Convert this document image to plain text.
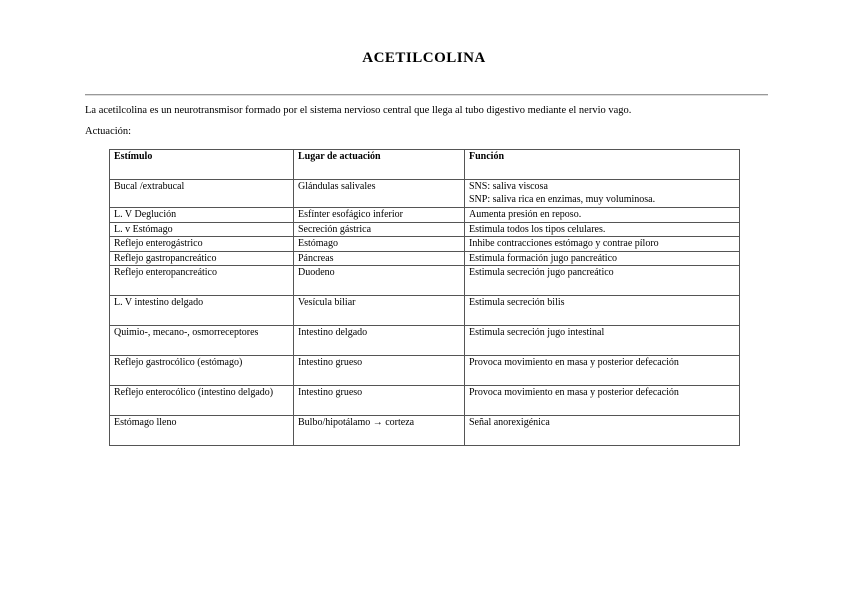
ACETILCOLINA
La acetilcolina es un neurotransmisor formado por el sistema nervioso central que llega al tubo digestivo mediante el nervio vago.
Actuación:
Estímulo	Lugar de actuación	Función
Bucal /extrabucal	Glándulas salivales	SNS: saliva viscosa
SNP: saliva rica en enzimas, muy voluminosa.

L. V Deglución	Esfínter esofágico inferior	Aumenta presión en reposo.
L. v Estómago	Secreción gástrica	Estimula todos los tipos celulares.
Reflejo enterogástrico	Estómago	Inhibe contracciones estómago y contrae píloro
Reflejo gastropancreático	Páncreas	Estimula formación jugo pancreático
Reflejo enteropancreático	Duodeno	Estimula secreción jugo pancreático
L. V intestino delgado	Vesícula biliar	Estimula secreción bilis
Quimio-, mecano-, osmorreceptores	Intestino delgado	Estimula secreción jugo intestinal
Reflejo gastrocólico (estómago)	Intestino grueso	Provoca movimiento en masa y posterior defecación
Reflejo enterocólico (intestino delgado)	Intestino grueso	Provoca movimiento en masa y posterior defecación
Estómago lleno	Bulbo/hipotálamo → corteza	Señal anorexigénica
